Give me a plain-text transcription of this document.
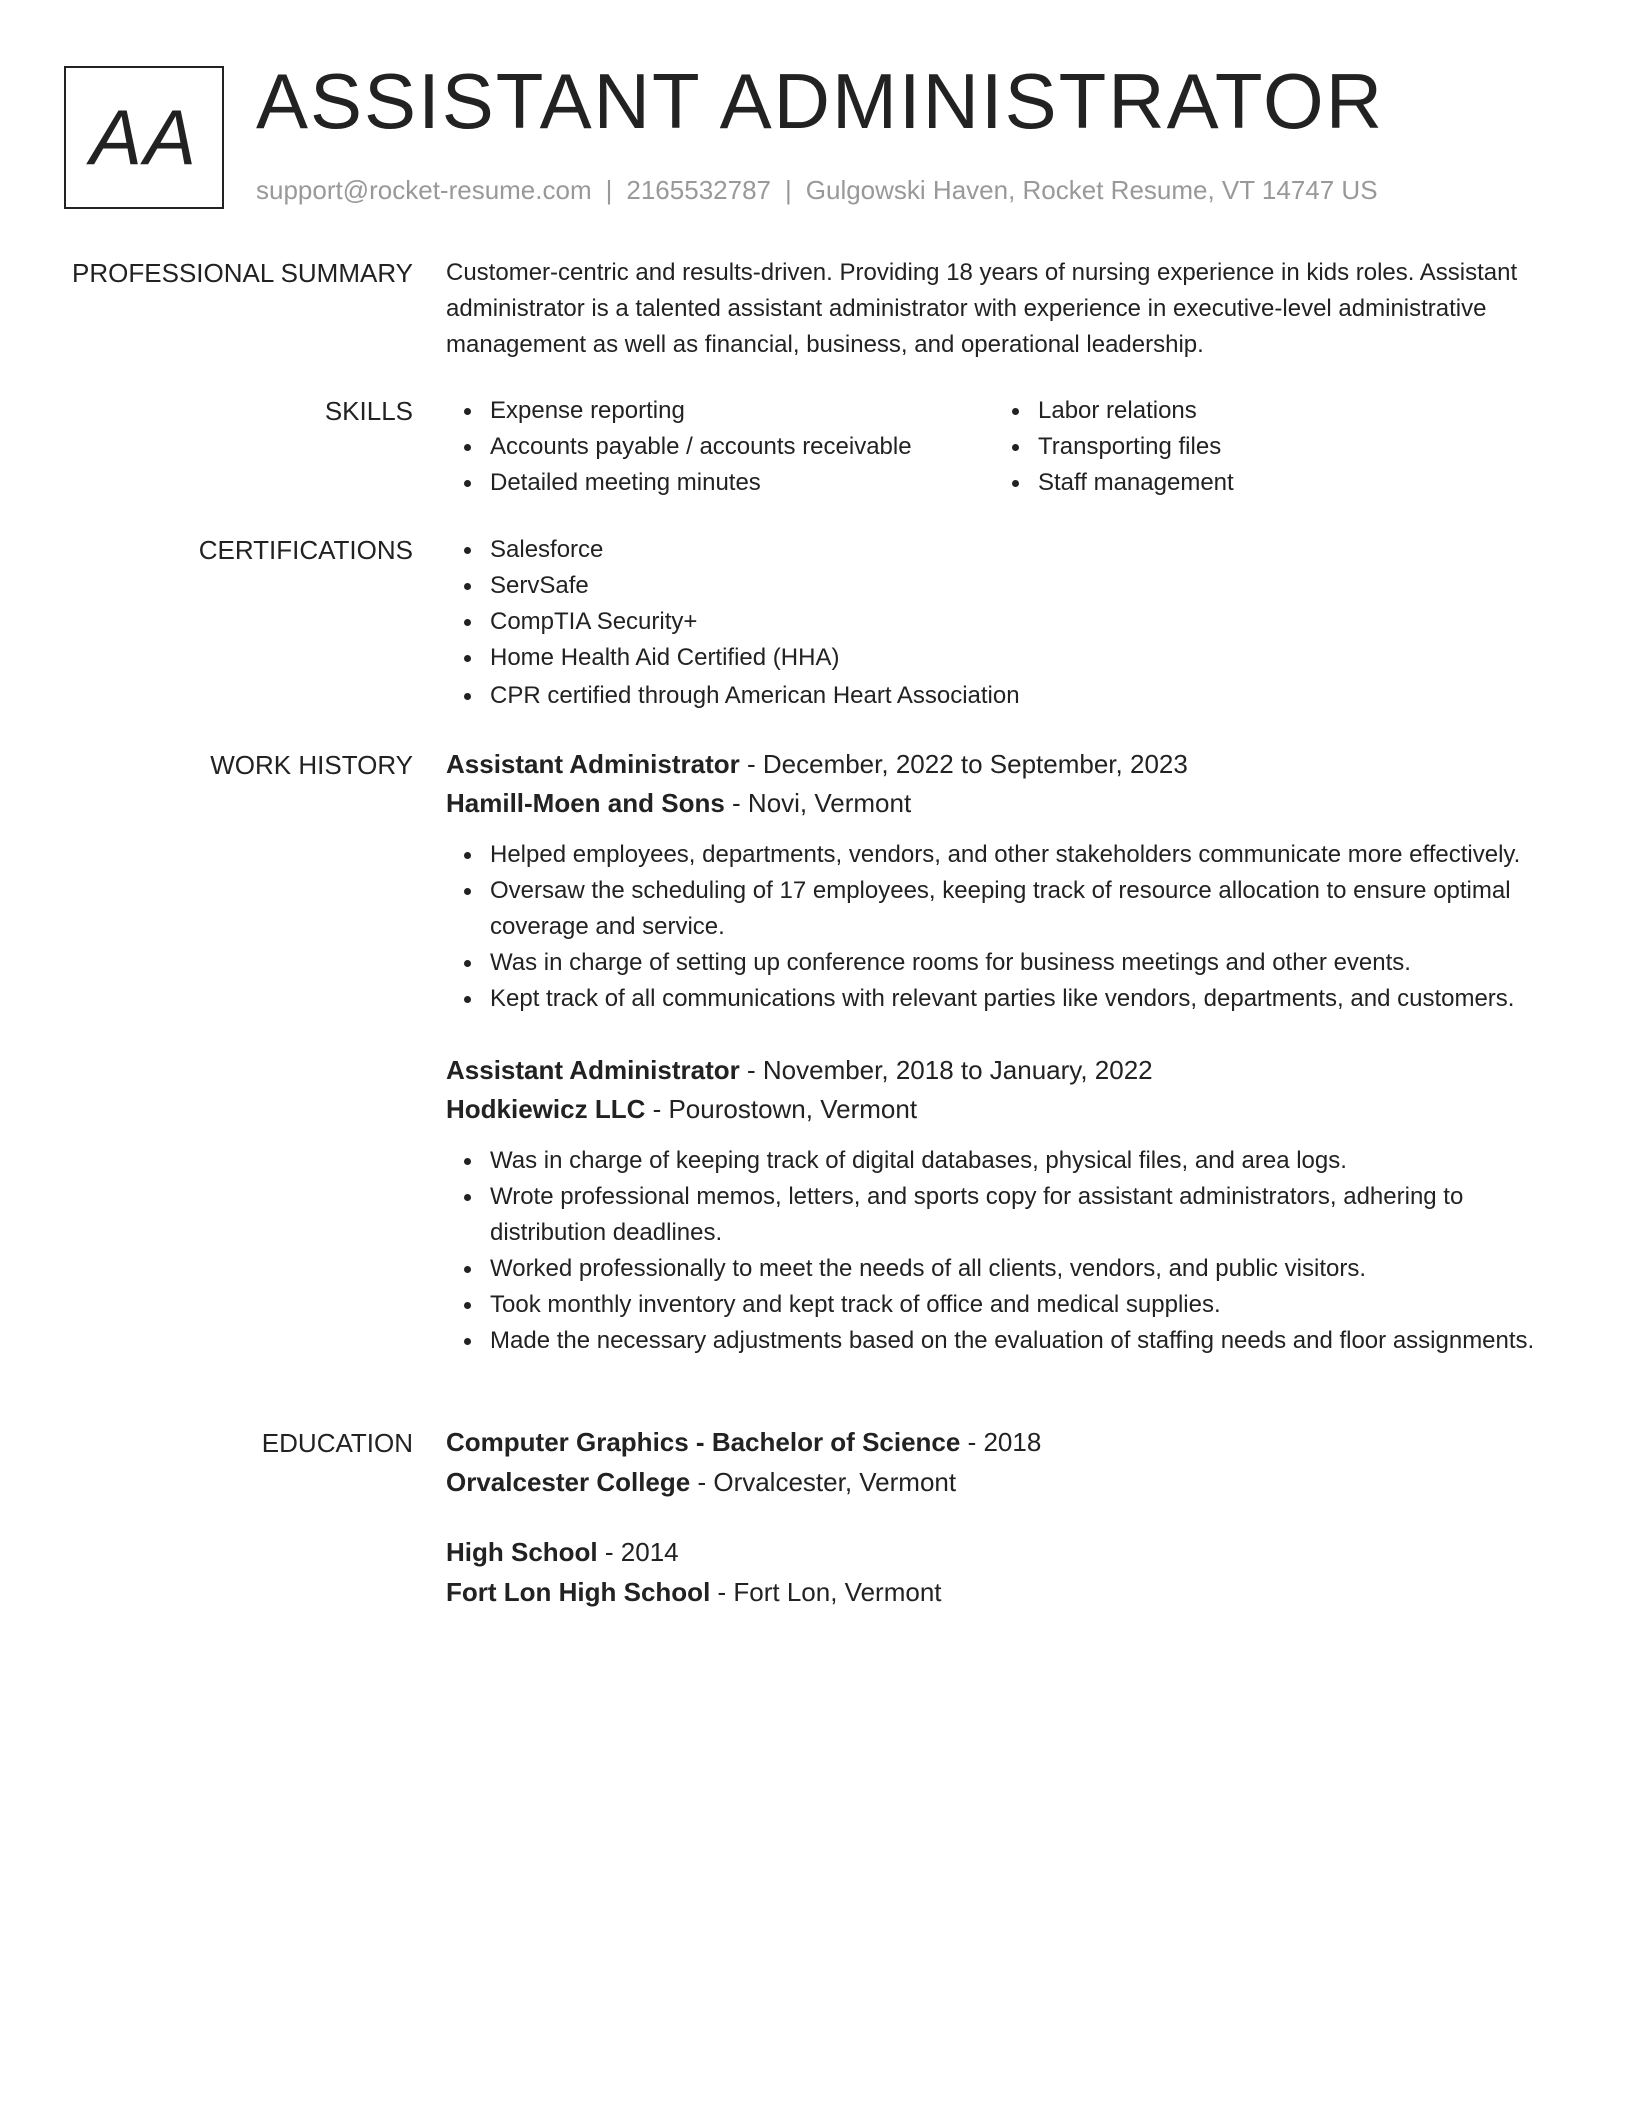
AA ASSISTANT ADMINISTRATOR
support@rocket-resume.com | 2165532787 | Gulgowski Haven, Rocket Resume, VT 14747 US
PROFESSIONAL SUMMARY Customer-centric and results-driven. Providing 18 years of nursing experience in kids roles. Assistant administrator is a talented assistant administrator with experience in executive-level administrative management as well as financial, business, and operational leadership.
SKILLS	Expense reporting
Accounts payable / accounts receivable
Detailed meeting minutes
Labor relations
Transporting files
Staff management
CERTIFICATIONS	Salesforce
ServSafe
CompTIA Security+
Home Health Aid Certified (HHA)
CPR certified through American Heart Association
WORK HISTORY Assistant Administrator - December, 2022 to September, 2023
Hamill-Moen and Sons - Novi, Vermont
Helped employees, departments, vendors, and other stakeholders communicate more effectively.
Oversaw the scheduling of 17 employees, keeping track of resource allocation to ensure optimal coverage and service.
Was in charge of setting up conference rooms for business meetings and other events.
Kept track of all communications with relevant parties like vendors, departments, and customers.
Assistant Administrator - November, 2018 to January, 2022
Hodkiewicz LLC - Pourostown, Vermont
Was in charge of keeping track of digital databases, physical files, and area logs.
Wrote professional memos, letters, and sports copy for assistant administrators, adhering to distribution deadlines.
Worked professionally to meet the needs of all clients, vendors, and public visitors.
Took monthly inventory and kept track of office and medical supplies.
Made the necessary adjustments based on the evaluation of staffing needs and floor assignments.
EDUCATION Computer Graphics - Bachelor of Science - 2018
Orvalcester College - Orvalcester, Vermont
High School - 2014
Fort Lon High School - Fort Lon, Vermont
